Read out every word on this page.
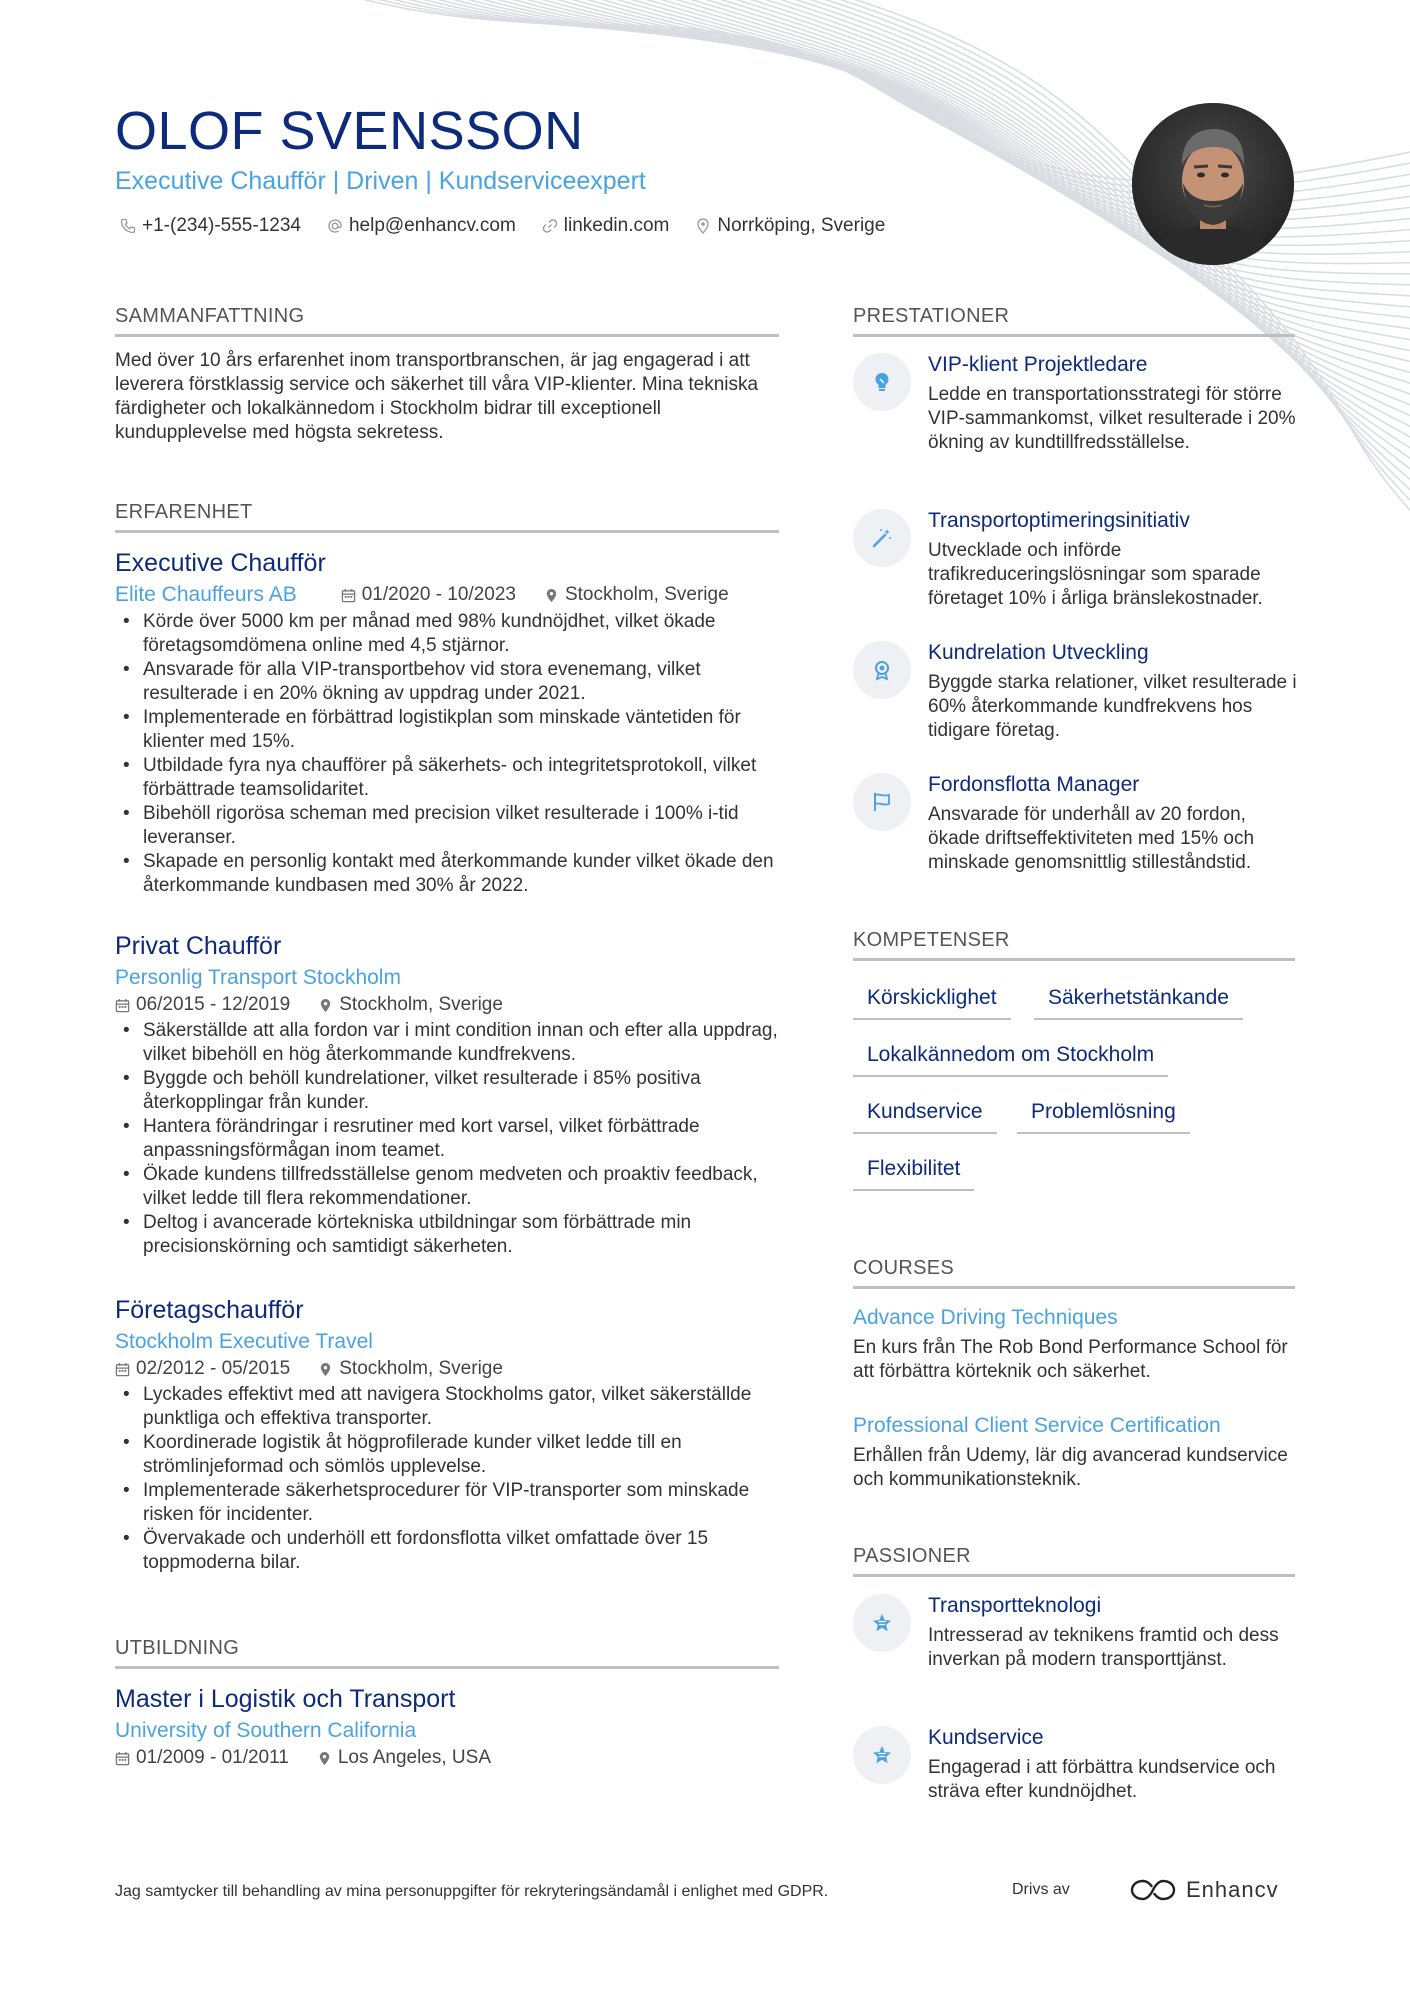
OLOF SVENSSON
Executive Chaufför | Driven | Kundserviceexpert
+1-(234)-555-1234	help@enhancv.com	linkedin.com	Norrköping, Sverige
SAMMANFATTNING
Med över 10 års erfarenhet inom transportbranschen, är jag engagerad i att leverera förstklassig service och säkerhet till våra VIP-klienter. Mina tekniska färdigheter och lokalkännedom i Stockholm bidrar till exceptionell kundupplevelse med högsta sekretess.
ERFARENHET
Executive Chaufför
Elite Chauffeurs AB	01/2020 - 10/2023	Stockholm, Sverige
• Körde över 5000 km per månad med 98% kundnöjdhet, vilket ökade företagsomdömena online med 4,5 stjärnor.
• Ansvarade för alla VIP-transportbehov vid stora evenemang, vilket resulterade i en 20% ökning av uppdrag under 2021.
• Implementerade en förbättrad logistikplan som minskade väntetiden för klienter med 15%.
• Utbildade fyra nya chaufförer på säkerhets- och integritetsprotokoll, vilket förbättrade teamsolidaritet.
• Bibehöll rigorösa scheman med precision vilket resulterade i 100% i-tid leveranser.
• Skapade en personlig kontakt med återkommande kunder vilket ökade den återkommande kundbasen med 30% år 2022.
Privat Chaufför
Personlig Transport Stockholm
06/2015 - 12/2019	Stockholm, Sverige
• Säkerställde att alla fordon var i mint condition innan och efter alla uppdrag, vilket bibehöll en hög återkommande kundfrekvens.
• Byggde och behöll kundrelationer, vilket resulterade i 85% positiva återkopplingar från kunder.
• Hantera förändringar i resrutiner med kort varsel, vilket förbättrade anpassningsförmågan inom teamet.
• Ökade kundens tillfredsställelse genom medveten och proaktiv feedback, vilket ledde till flera rekommendationer.
• Deltog i avancerade körtekniska utbildningar som förbättrade min precisionskörning och samtidigt säkerheten.
Företagschaufför
Stockholm Executive Travel
02/2012 - 05/2015	Stockholm, Sverige
• Lyckades effektivt med att navigera Stockholms gator, vilket säkerställde punktliga och effektiva transporter.
• Koordinerade logistik åt högprofilerade kunder vilket ledde till en strömlinjeformad och sömlös upplevelse.
• Implementerade säkerhetsprocedurer för VIP-transporter som minskade risken för incidenter.
• Övervakade och underhöll ett fordonsflotta vilket omfattade över 15 toppmoderna bilar.
UTBILDNING
Master i Logistik och Transport
University of Southern California
01/2009 - 01/2011	Los Angeles, USA
PRESTATIONER
VIP-klient Projektledare
Ledde en transportationsstrategi för större VIP-sammankomst, vilket resulterade i 20% ökning av kundtillfredsställelse.
Transportoptimeringsinitiativ
Utvecklade och införde trafikreduceringslösningar som sparade företaget 10% i årliga bränslekostnader.
Kundrelation Utveckling
Byggde starka relationer, vilket resulterade i 60% återkommande kundfrekvens hos tidigare företag.
Fordonsflotta Manager
Ansvarade för underhåll av 20 fordon, ökade driftseffektiviteten med 15% och minskade genomsnittlig stilleståndstid.
KOMPETENSER
Körskicklighet	Säkerhetstänkande
Lokalkännedom om Stockholm
Kundservice	Problemlösning
Flexibilitet
COURSES
Advance Driving Techniques
En kurs från The Rob Bond Performance School för att förbättra körteknik och säkerhet.
Professional Client Service Certification
Erhållen från Udemy, lär dig avancerad kundservice och kommunikationsteknik.
PASSIONER
Transportteknologi
Intresserad av teknikens framtid och dess inverkan på modern transporttjänst.
Kundservice
Engagerad i att förbättra kundservice och sträva efter kundnöjdhet.
Jag samtycker till behandling av mina personuppgifter för rekryteringsändamål i enlighet med GDPR.	Drivs av	Enhancv
